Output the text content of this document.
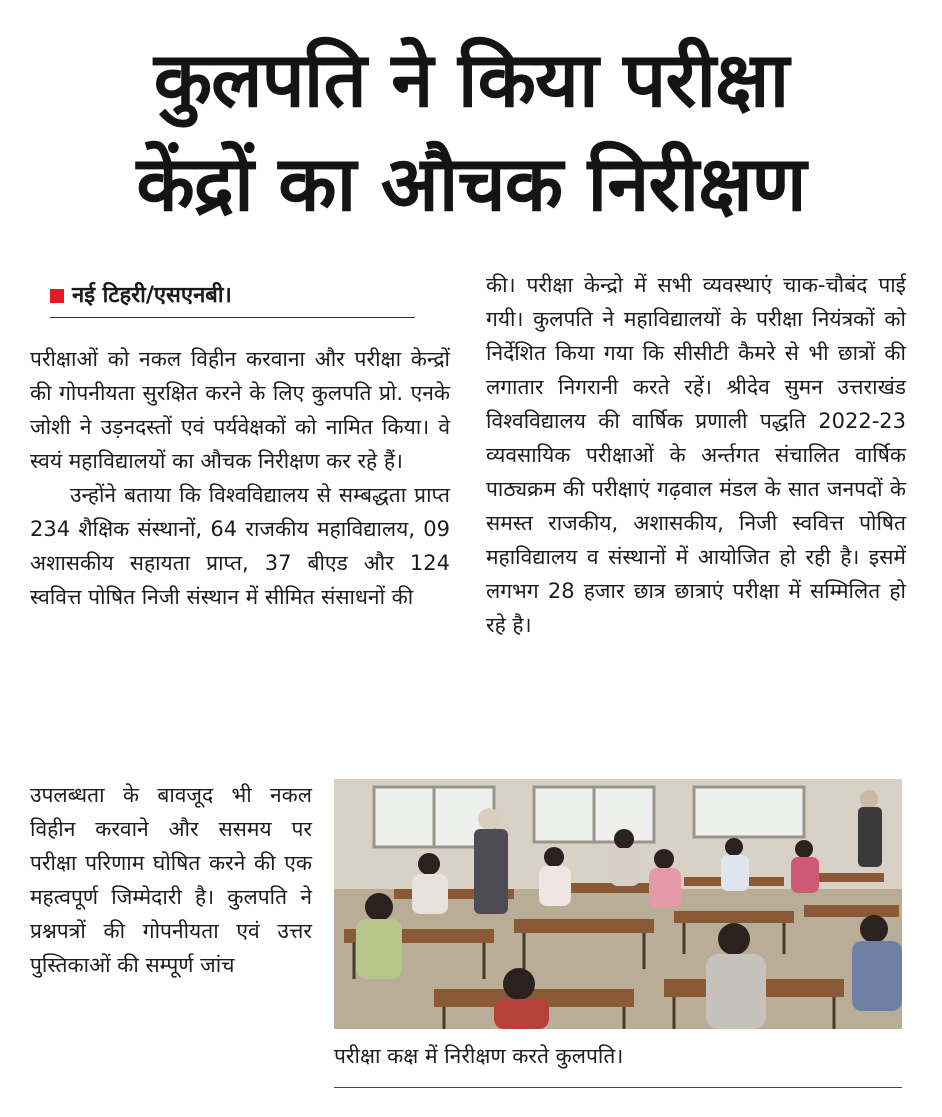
कुलपति ने किया परीक्षा
केंद्रों का औचक निरीक्षण
नई टिहरी/एसएनबी।

परीक्षाओं को नकल विहीन करवाना और परीक्षा केन्द्रों की गोपनीयता सुरक्षित करने के लिए कुलपति प्रो. एनके जोशी ने उड़नदस्तों एवं पर्यवेक्षकों को नामित किया। वे स्वयं महाविद्यालयों का औचक निरीक्षण कर रहे हैं।

उन्होंने बताया कि विश्वविद्यालय से सम्बद्धता प्राप्त 234 शैक्षिक संस्थानों, 64 राजकीय महाविद्यालय, 09 अशासकीय सहायता प्राप्त, 37 बीएड और 124 स्ववित्त पोषित निजी संस्थान में सीमित संसाधनों की

उपलब्धता के बावजूद भी नकल विहीन करवाने और ससमय पर परीक्षा परिणाम घोषित करने की एक महत्वपूर्ण जिम्मेदारी है। कुलपति ने प्रश्नपत्रों की गोपनीयता एवं उत्तर पुस्तिकाओं की सम्पूर्ण जांच

की। परीक्षा केन्द्रो में सभी व्यवस्थाएं चाक-चौबंद पाई गयी। कुलपति ने महाविद्यालयों के परीक्षा नियंत्रकों को निर्देशित किया गया कि सीसीटी कैमरे से भी छात्रों की लगातार निगरानी करते रहें। श्रीदेव सुमन उत्तराखंड विश्वविद्यालय की वार्षिक प्रणाली पद्धति 2022-23 व्यवसायिक परीक्षाओं के अर्न्तगत संचालित वार्षिक पाठ्यक्रम की परीक्षाएं गढ़वाल मंडल के सात जनपदों के समस्त राजकीय, अशासकीय, निजी स्ववित्त पोषित महाविद्यालय व संस्थानों में आयोजित हो रही है। इसमें लगभग 28 हजार छात्र छात्राएं परीक्षा में सम्मिलित हो रहे है।

परीक्षा कक्ष में निरीक्षण करते कुलपति।
